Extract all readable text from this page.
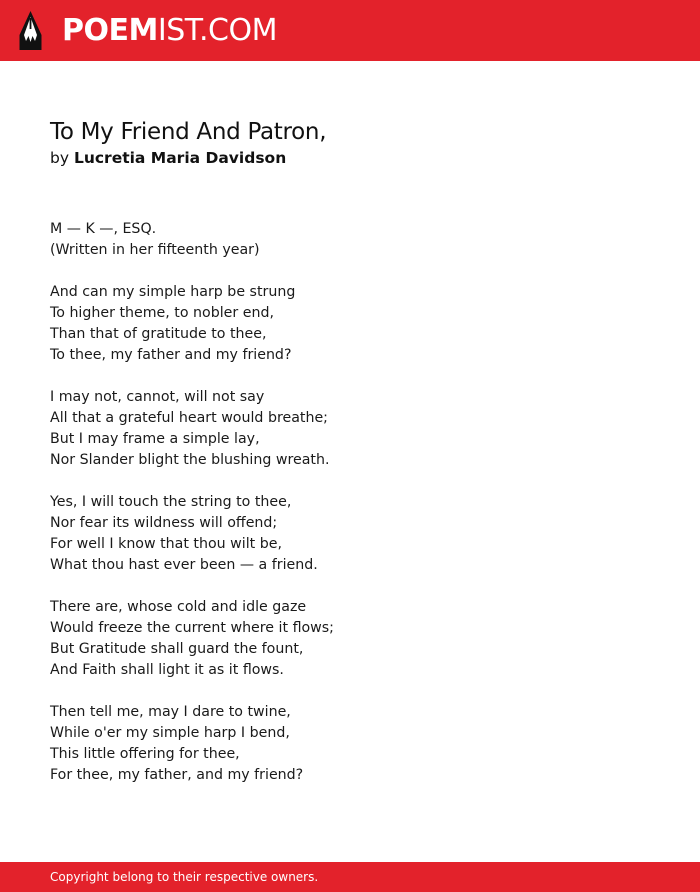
POEMIST.COM
To My Friend And Patron,
by Lucretia Maria Davidson

M — K —, ESQ.
(Written in her fifteenth year)

And can my simple harp be strung
To higher theme, to nobler end,
Than that of gratitude to thee,
To thee, my father and my friend?

I may not, cannot, will not say
All that a grateful heart would breathe;
But I may frame a simple lay,
Nor Slander blight the blushing wreath.

Yes, I will touch the string to thee,
Nor fear its wildness will offend;
For well I know that thou wilt be,
What thou hast ever been — a friend.

There are, whose cold and idle gaze
Would freeze the current where it flows;
But Gratitude shall guard the fount,
And Faith shall light it as it flows.

Then tell me, may I dare to twine,
While o'er my simple harp I bend,
This little offering for thee,
For thee, my father, and my friend?

Copyright belong to their respective owners.
